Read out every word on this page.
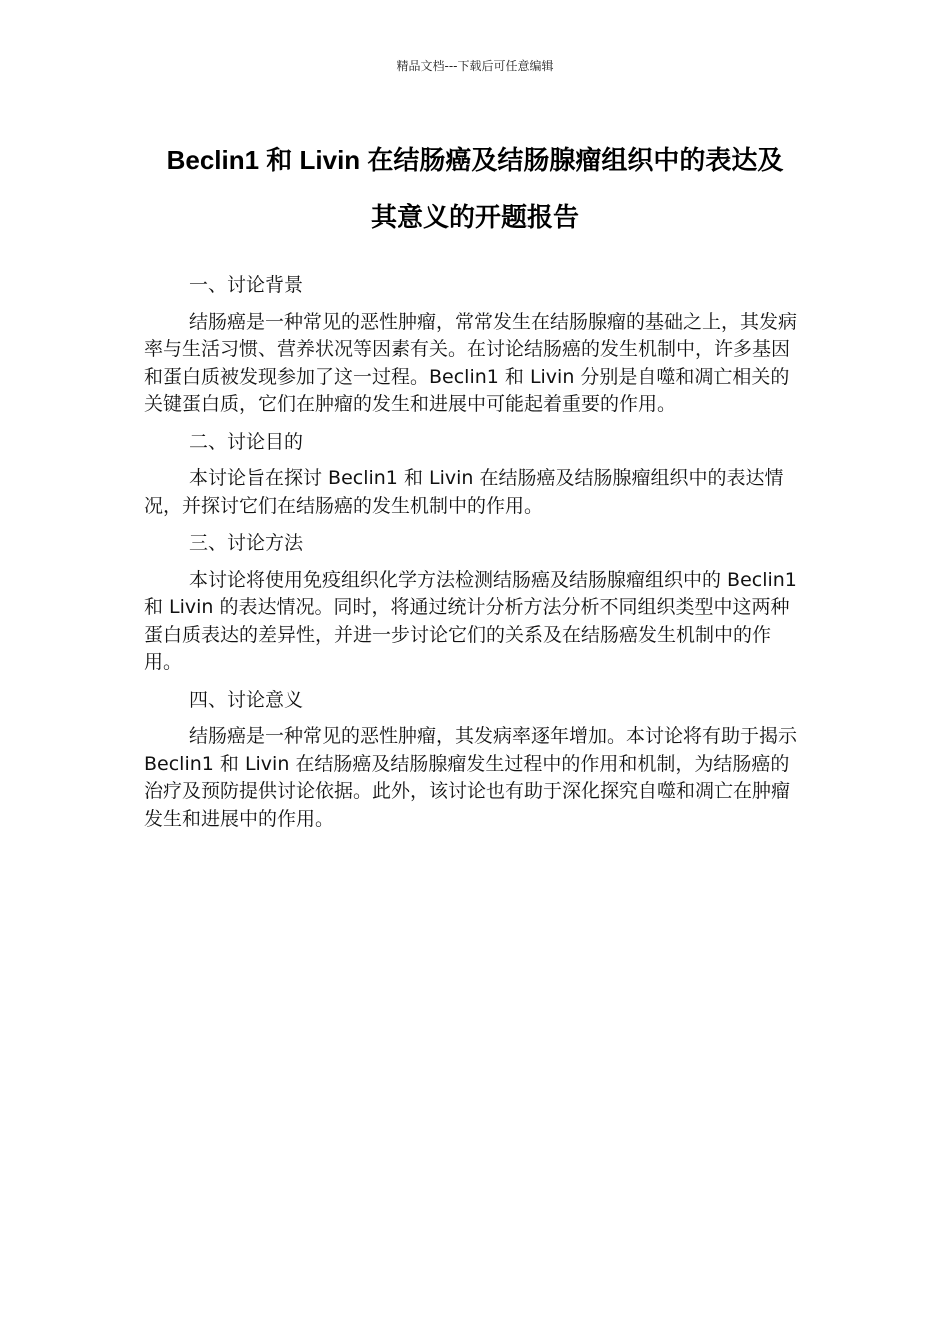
精品文档---下载后可任意编辑
Beclin1 和 Livin 在结肠癌及结肠腺瘤组织中的表达及
其意义的开题报告
一、讨论背景

结肠癌是一种常见的恶性肿瘤，常常发生在结肠腺瘤的基础之上，其发病率与生活习惯、营养状况等因素有关。在讨论结肠癌的发生机制中，许多基因和蛋白质被发现参加了这一过程。Beclin1 和 Livin 分别是自噬和凋亡相关的关键蛋白质，它们在肿瘤的发生和进展中可能起着重要的作用。

二、讨论目的

本讨论旨在探讨 Beclin1 和 Livin 在结肠癌及结肠腺瘤组织中的表达情况，并探讨它们在结肠癌的发生机制中的作用。

三、讨论方法

本讨论将使用免疫组织化学方法检测结肠癌及结肠腺瘤组织中的 Beclin1 和 Livin 的表达情况。同时，将通过统计分析方法分析不同组织类型中这两种蛋白质表达的差异性，并进一步讨论它们的关系及在结肠癌发生机制中的作用。

四、讨论意义

结肠癌是一种常见的恶性肿瘤，其发病率逐年增加。本讨论将有助于揭示 Beclin1 和 Livin 在结肠癌及结肠腺瘤发生过程中的作用和机制，为结肠癌的治疗及预防提供讨论依据。此外，该讨论也有助于深化探究自噬和凋亡在肿瘤发生和进展中的作用。
